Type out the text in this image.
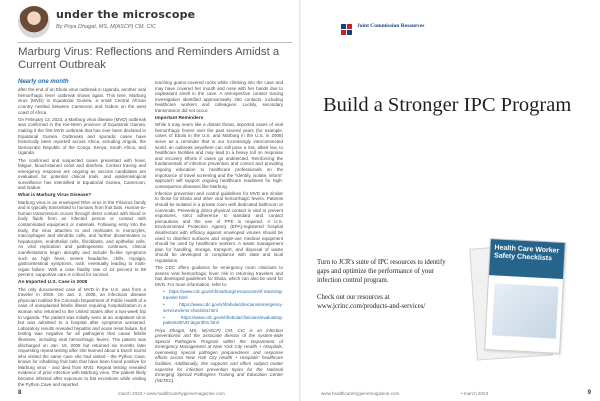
under the microscope
By Priya Dhagat, MS, M(ASCP) CM, CIC
Marburg Virus: Reflections and Reminders Amidst a Current Outbreak

Nearly one month

after the end of an Ebola virus outbreak in Uganda, another viral hemorrhagic fever outbreak shows again. This time, Marburg virus (MVD) in Equatorial Guinea, a small Central African country nestled between Cameroon and Gabon on the west coast of Africa.

On February 13, 2023, a Marburg virus disease (MVD) outbreak was confirmed in the Kie-Ntem province of Equatorial Guinea, making it the first MVD outbreak that has ever been declared in Equatorial Guinea. Outbreaks and sporadic cases have historically been reported across Africa, including Angola, the Democratic Republic of the Congo, Kenya, South Africa, and Uganda.

The confirmed and suspected cases presented with fever, fatigue, blood-stained vomit and diarrhea. Contact tracing and emergency response are ongoing as vaccine candidates are evaluated for potential clinical trials, and epidemiological surveillance has intensified in Equatorial Guinea, Cameroon, and Gabon.

What is Marburg Virus Disease?

Marburg virus is an enveloped RNA virus in the Filovirus family and is typically transmitted to humans from fruit bats. Human-to-human transmission occurs through direct contact with blood or body fluids from an infected person or contact with contaminated equipment or materials. Following entry into the body, the virus attaches to and replicates in monocytes, macrophages and dendritic cells, and further disseminates to hepatocytes, endothelial cells, fibroblasts, and epithelial cells. As viral replication and pathogenesis continues, clinical manifestations begin abruptly and include flu-like symptoms such as high fever, severe headache, chills, myalgia, gastrointestinal symptoms, rash, eventually leading to multi-organ failure. With a case fatality rate of 24 percent to 88 percent, supportive care is critical for survival.

An Imported U.S. Case in 2008

The only documented case of MVD in the U.S. was from a traveler in 2008. On Jan. 2, 2008, an infectious disease physician notified the Colorado Department of Public Health of a case of unexplained febrile illness requiring hospitalization in a woman who returned to the United States after a two-week trip to Uganda. The patient was initially seen at an outpatient clinic but was admitted to a hospital after symptoms worsened. Laboratory results revealed hepatitis and acute renal failure, but testing was negative for all pathogens that cause febrile illnesses, including viral hemorrhagic fevers. The patient was discharged on Jan. 19, 2008 but returned six months later requesting repeat testing after she learned about a Dutch tourist who visited the same cave she had visited - the Python Cave, known for inhabiting fruit bats that have been found positive for Marburg virus - and died from MVD. Repeat testing revealed evidence of prior infection with Marburg virus. The patient likely became infected after exposure to bat excretions while visiting the Python Cave and reported

touching guano-covered rocks while climbing into the cave and may have covered her mouth and nose with her hands due to unpleasant smell in the cave. A retrospective contact tracing investigation identified approximately 260 contacts, including healthcare workers and colleagues. Luckily, secondary transmission did not occur.

Important Reminders

While it may seem like a distant threat, imported cases of viral hemorrhagic fevers over the past several years (for example, cases of Ebola in the U.S. and Marburg in the U.S. in 2008) serve as a reminder that in our increasingly interconnected world, an outbreak anywhere can still pose a risk, albeit low, to healthcare facilities and may lead to a heavy toll on response and recovery efforts if cases go undetected. Reinforcing the fundamentals of infection prevention and control and providing ongoing education to healthcare professionals on the importance of travel screening and the "identify, isolate, inform" approach will support ongoing healthcare readiness for high-consequence diseases like Marburg.

Infection prevention and control guidelines for MVD are similar to those for Ebola and other viral hemorrhagic fevers. Patients should be isolated in a private room with dedicated bathroom or commode. Preventing direct physical contact is vital to prevent exposures, strict adherence to standard and contact precautions and the use of PPE is required. A U.S. Environmental Protection Agency (EPA)-registered hospital disinfectant with efficacy against enveloped viruses should be used to disinfect surfaces and single-use medical equipment should be used by healthcare workers. A waste management plan for handling, storage, transport, and disposal of waste should be developed in compliance with state and local regulations.

The CDC offers guidance for emergency room clinicians to assess viral hemorrhagic fever risk in returning travelers and has developed guidelines for Ebola, which can also be used for MVD. For more information, refer to:

• https://www.cdc.gov/vhf/marburg/resources/vhf-returning-traveler.html

• https://www.cdc.gov/vhf/ebola/clinicians/emergency-services/ems-checklist.html

• https://www.cdc.gov/vhf/ebola/clinicians/evaluating-patients/EVD-algorithm.html

Priya Dhagat, MS, M(ASCP) CM, CIC is an infection preventionist and the associate director of the system-wide Special Pathogens Program within the Department of Emergency Management at New York City Health + Hospitals, overseeing special pathogen preparedness and response efforts across New York City Health + Hospitals' healthcare facilities. Additionally, she supports and offers subject matter expertise for infection prevention topics for the National Emerging Special Pathogens Training and Education Center (NETEC).

8	march 2023 • www.healthcarehygienemagazine.com
Joint Commission Resources
Build a Stronger IPC Program

Turn to JCR's suite of IPC resources to identify gaps and optimize the performance of your infection control program.

Check out our resources at www.jcrinc.com/products-and-services/

Health Care Worker Safety Checklists
www.healthcarehygienemagazine.com	• march 2023	9
